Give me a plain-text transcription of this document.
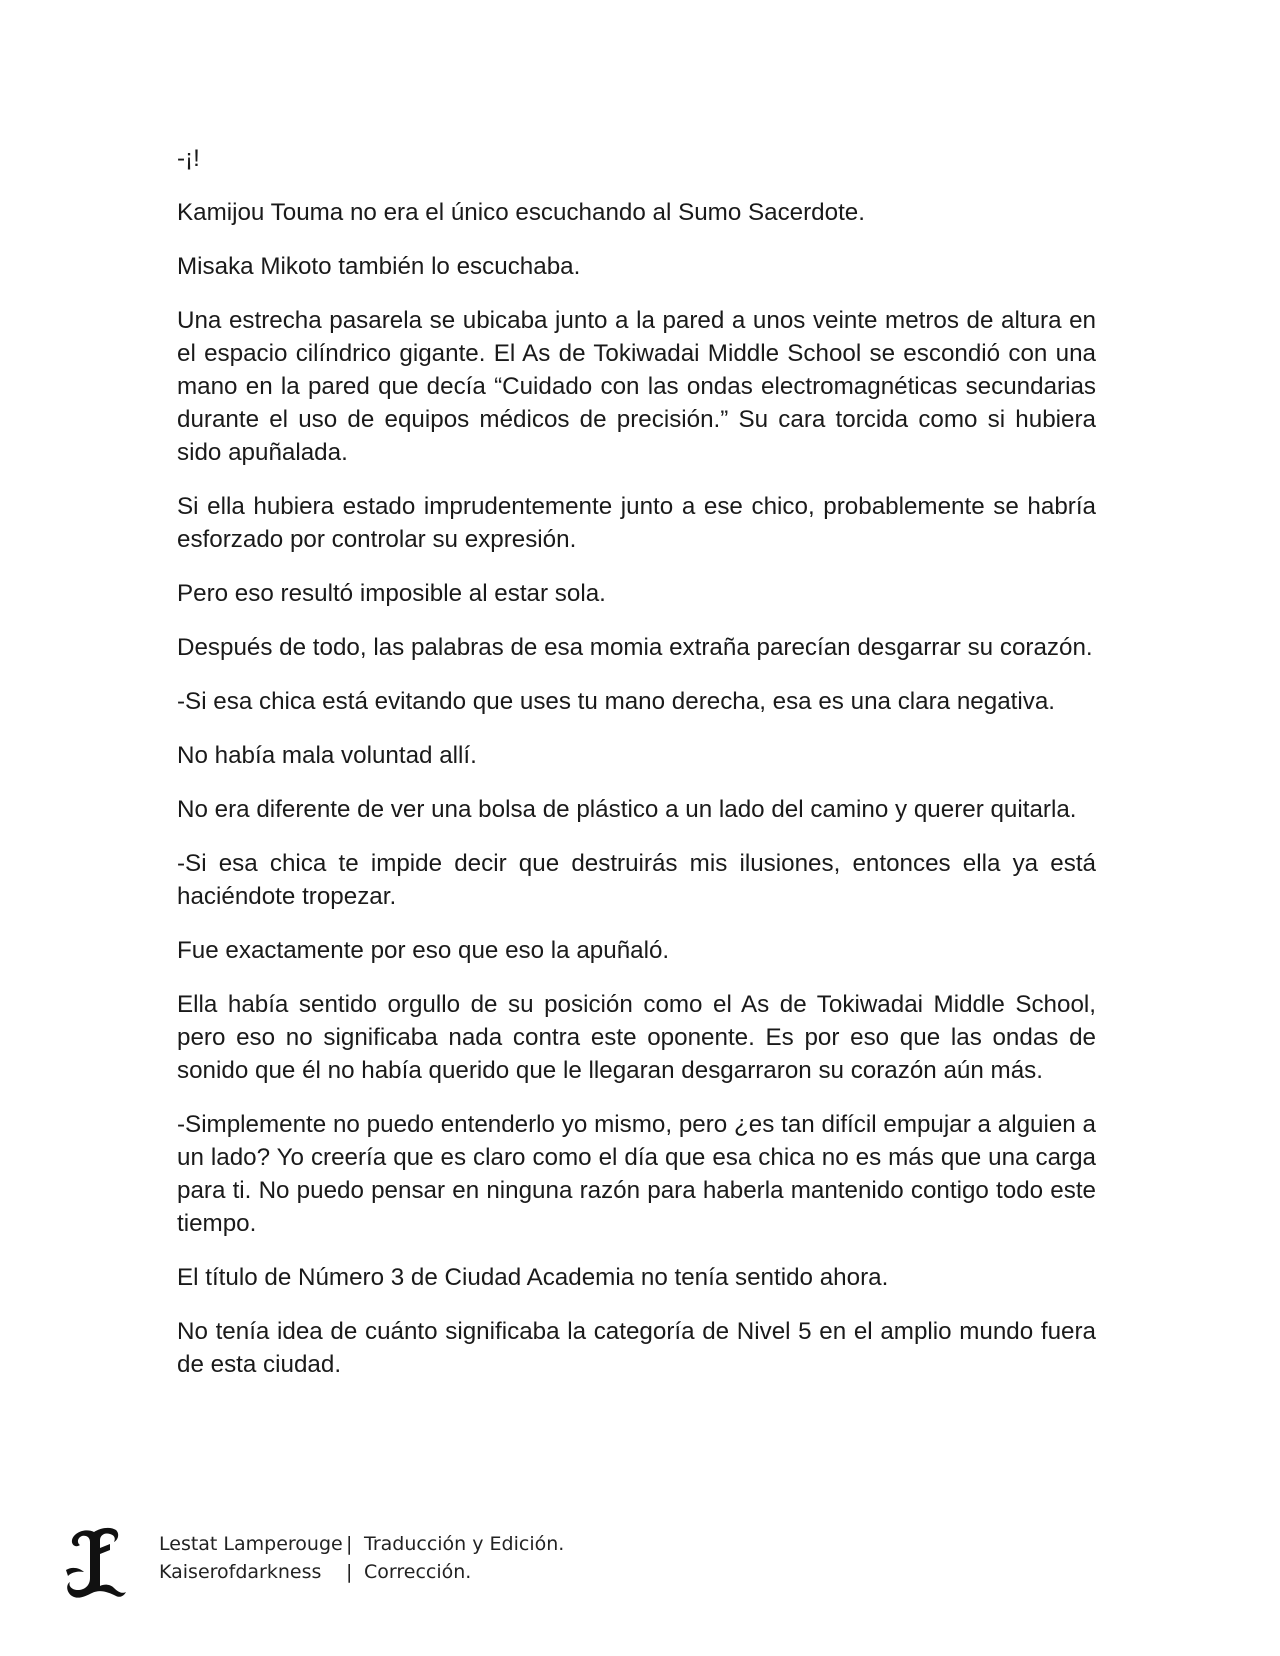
-¡!

Kamijou Touma no era el único escuchando al Sumo Sacerdote.

Misaka Mikoto también lo escuchaba.

Una estrecha pasarela se ubicaba junto a la pared a unos veinte metros de altura en el espacio cilíndrico gigante. El As de Tokiwadai Middle School se escondió con una mano en la pared que decía “Cuidado con las ondas electromagnéticas secundarias durante el uso de equipos médicos de precisión.” Su cara torcida como si hubiera sido apuñalada.

Si ella hubiera estado imprudentemente junto a ese chico, probablemente se habría esforzado por controlar su expresión.

Pero eso resultó imposible al estar sola.

Después de todo, las palabras de esa momia extraña parecían desgarrar su corazón.

-Si esa chica está evitando que uses tu mano derecha, esa es una clara negativa.

No había mala voluntad allí.

No era diferente de ver una bolsa de plástico a un lado del camino y querer quitarla.

-Si esa chica te impide decir que destruirás mis ilusiones, entonces ella ya está haciéndote tropezar.

Fue exactamente por eso que eso la apuñaló.

Ella había sentido orgullo de su posición como el As de Tokiwadai Middle School, pero eso no significaba nada contra este oponente. Es por eso que las ondas de sonido que él no había querido que le llegaran desgarraron su corazón aún más.

-Simplemente no puedo entenderlo yo mismo, pero ¿es tan difícil empujar a alguien a un lado? Yo creería que es claro como el día que esa chica no es más que una carga para ti. No puedo pensar en ninguna razón para haberla mantenido contigo todo este tiempo.

El título de Número 3 de Ciudad Academia no tenía sentido ahora.

No tenía idea de cuánto significaba la categoría de Nivel 5 en el amplio mundo fuera de esta ciudad.

Lestat Lamperouge | Traducción y Edición.
Kaiserofdarkness	| Corrección.
